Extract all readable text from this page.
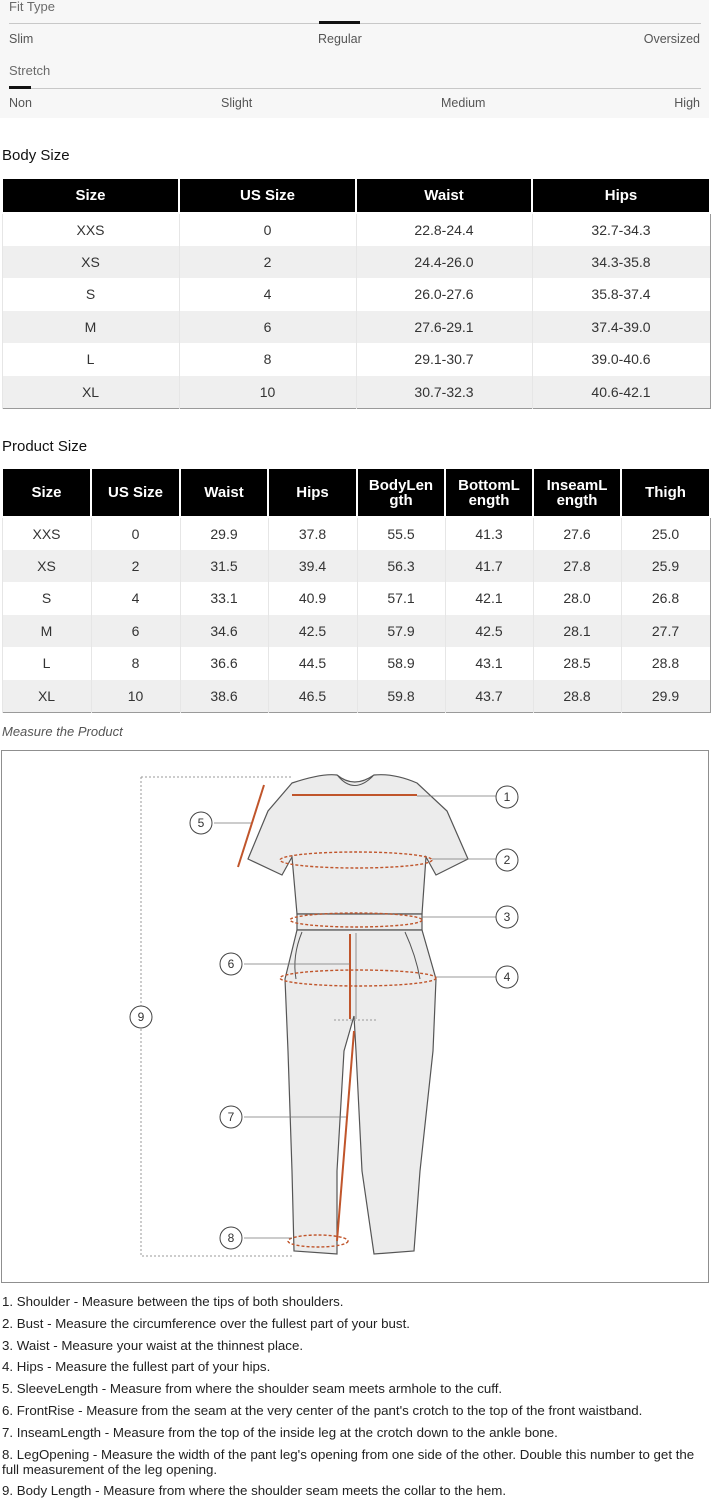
Fit Type
Slim	Regular	Oversized
Stretch
Non	Slight	Medium	High
Body Size
Size	US Size	Waist	Hips
XXS	0	22.8-24.4	32.7-34.3
XS	2	24.4-26.0	34.3-35.8
S	4	26.0-27.6	35.8-37.4
M	6	27.6-29.1	37.4-39.0
L	8	29.1-30.7	39.0-40.6
XL	10	30.7-32.3	40.6-42.1
Product Size
Size	US Size	Waist	Hips	BodyLen gth	BottomL ength	InseamL ength	Thigh
XXS	0	29.9	37.8	55.5	41.3	27.6	25.0
XS	2	31.5	39.4	56.3	41.7	27.8	25.9
S	4	33.1	40.9	57.1	42.1	28.0	26.8
M	6	34.6	42.5	57.9	42.5	28.1	27.7
L	8	36.6	44.5	58.9	43.1	28.5	28.8
XL	10	38.6	46.5	59.8	43.7	28.8	29.9
Measure the Product
1
2
3
4
5
6
7
8
9
1. Shoulder - Measure between the tips of both shoulders.
2. Bust - Measure the circumference over the fullest part of your bust.
3. Waist - Measure your waist at the thinnest place.
4. Hips - Measure the fullest part of your hips.
5. SleeveLength - Measure from where the shoulder seam meets armhole to the cuff.
6. FrontRise - Measure from the seam at the very center of the pant's crotch to the top of the front waistband.
7. InseamLength - Measure from the top of the inside leg at the crotch down to the ankle bone.
8. LegOpening - Measure the width of the pant leg's opening from one side of the other. Double this number to get the full measurement of the leg opening.
9. Body Length - Measure from where the shoulder seam meets the collar to the hem.
